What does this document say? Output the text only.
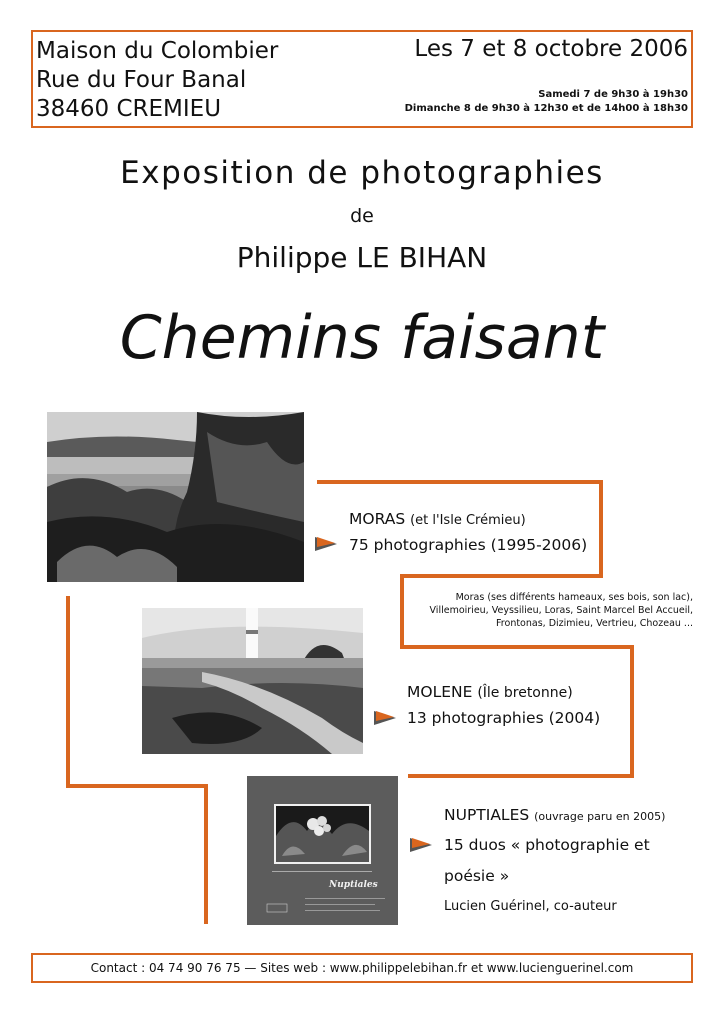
Maison du Colombier
Rue du Four Banal
38460 CREMIEU
Les 7 et 8 octobre 2006
Samedi 7 de 9h30 à 19h30
Dimanche 8 de 9h30 à 12h30 et de 14h00 à 18h30
Exposition de photographies
de
Philippe LE BIHAN
Chemins faisant
Nuptiales
MORAS (et l'Isle Crémieu)
75 photographies (1995-2006)
Moras (ses différents hameaux, ses bois, son lac),
Villemoirieu, Veyssilieu, Loras, Saint Marcel Bel Accueil,
Frontonas, Dizimieu, Vertrieu, Chozeau ...
MOLENE (Île bretonne)
13 photographies (2004)
NUPTIALES (ouvrage paru en 2005)
15 duos « photographie et
poésie »
Lucien Guérinel, co-auteur
Contact : 04 74 90 76 75 — Sites web : www.philippelebihan.fr et www.lucienguerinel.com
